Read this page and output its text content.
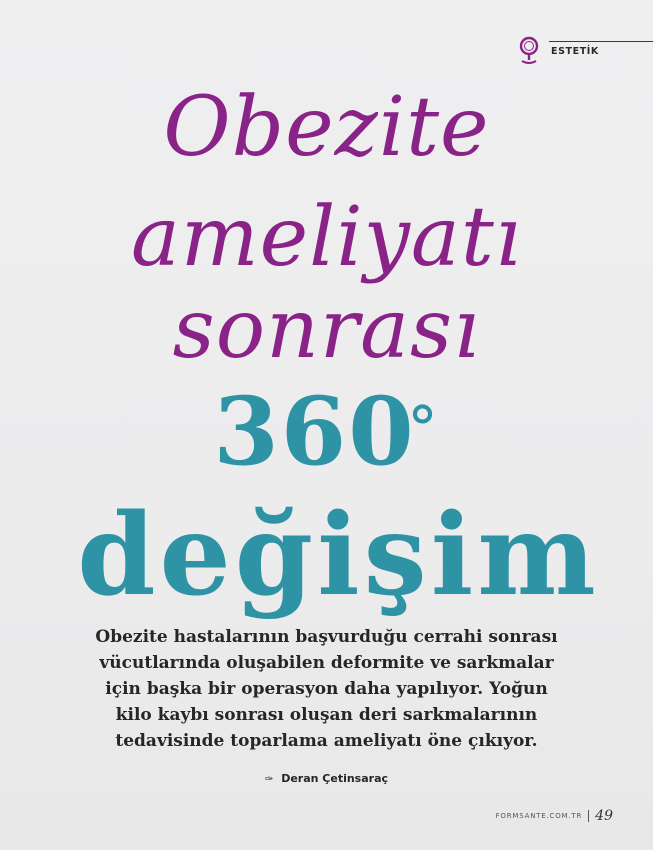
ESTETİK
Obezite
ameliyatı
sonrası
360
°
değişim

Obezite hastalarının başvurduğu cerrahi sonrası
vücutlarında oluşabilen deformite ve sarkmalar
için başka bir operasyon daha yapılıyor. Yoğun
kilo kaybı sonrası oluşan deri sarkmalarının
tedavisinde toparlama ameliyatı öne çıkıyor.

✑ Deran Çetinsaraç
FORMSANTE.COM.TR 49
